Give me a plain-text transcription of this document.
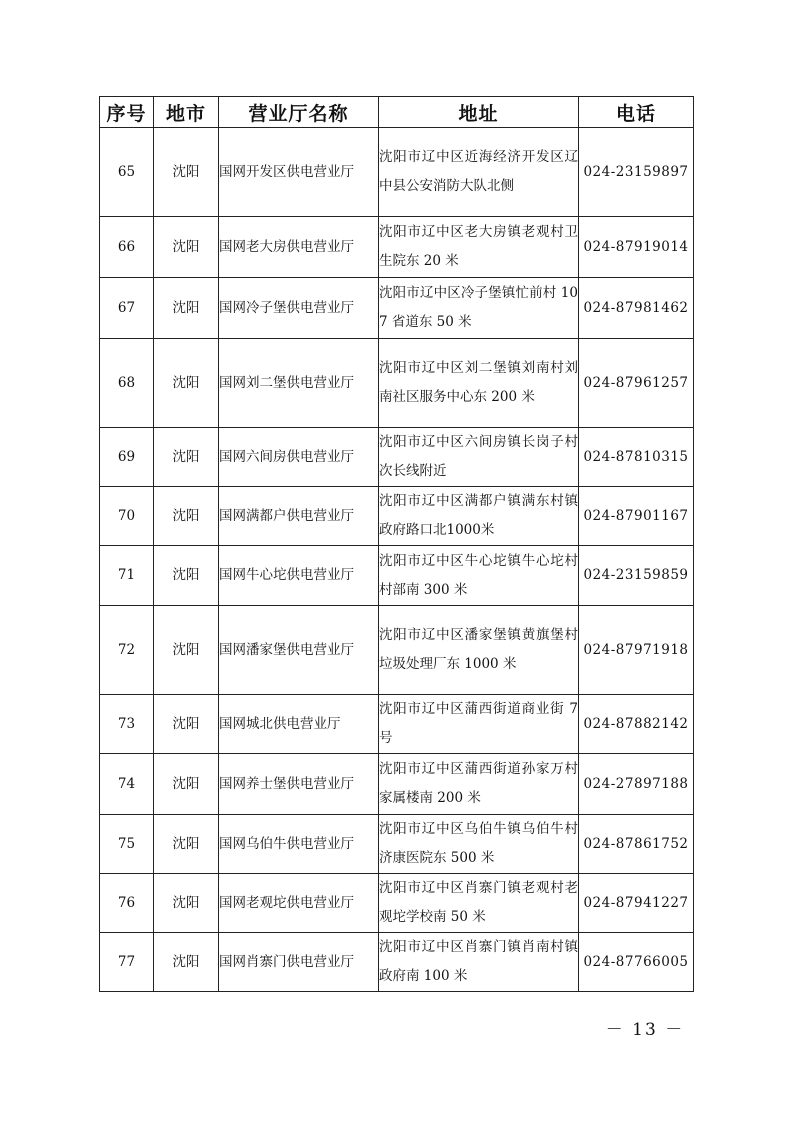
序号	地市	营业厅名称	地址	电话
65	沈阳	国网开发区供电营业厅	沈阳市辽中区近海经济开发区辽中县公安消防大队北侧	024-23159897
66	沈阳	国网老大房供电营业厅	沈阳市辽中区老大房镇老观村卫生院东 20 米	024-87919014
67	沈阳	国网冷子堡供电营业厅	沈阳市辽中区冷子堡镇忙前村 107 省道东 50 米	024-87981462
68	沈阳	国网刘二堡供电营业厅	沈阳市辽中区刘二堡镇刘南村刘南社区服务中心东 200 米	024-87961257
69	沈阳	国网六间房供电营业厅	沈阳市辽中区六间房镇长岗子村次长线附近	024-87810315
70	沈阳	国网满都户供电营业厅	沈阳市辽中区满都户镇满东村镇政府路口北1000米	024-87901167
71	沈阳	国网牛心坨供电营业厅	沈阳市辽中区牛心坨镇牛心坨村村部南 300 米	024-23159859
72	沈阳	国网潘家堡供电营业厅	沈阳市辽中区潘家堡镇黄旗堡村垃圾处理厂东 1000 米	024-87971918
73	沈阳	国网城北供电营业厅	沈阳市辽中区蒲西街道商业街 7 号	024-87882142
74	沈阳	国网养士堡供电营业厅	沈阳市辽中区蒲西街道孙家万村家属楼南 200 米	024-27897188
75	沈阳	国网乌伯牛供电营业厅	沈阳市辽中区乌伯牛镇乌伯牛村济康医院东 500 米	024-87861752
76	沈阳	国网老观坨供电营业厅	沈阳市辽中区肖寨门镇老观村老观坨学校南 50 米	024-87941227
77	沈阳	国网肖寨门供电营业厅	沈阳市辽中区肖寨门镇肖南村镇政府南 100 米	024-87766005
－ 13 －
